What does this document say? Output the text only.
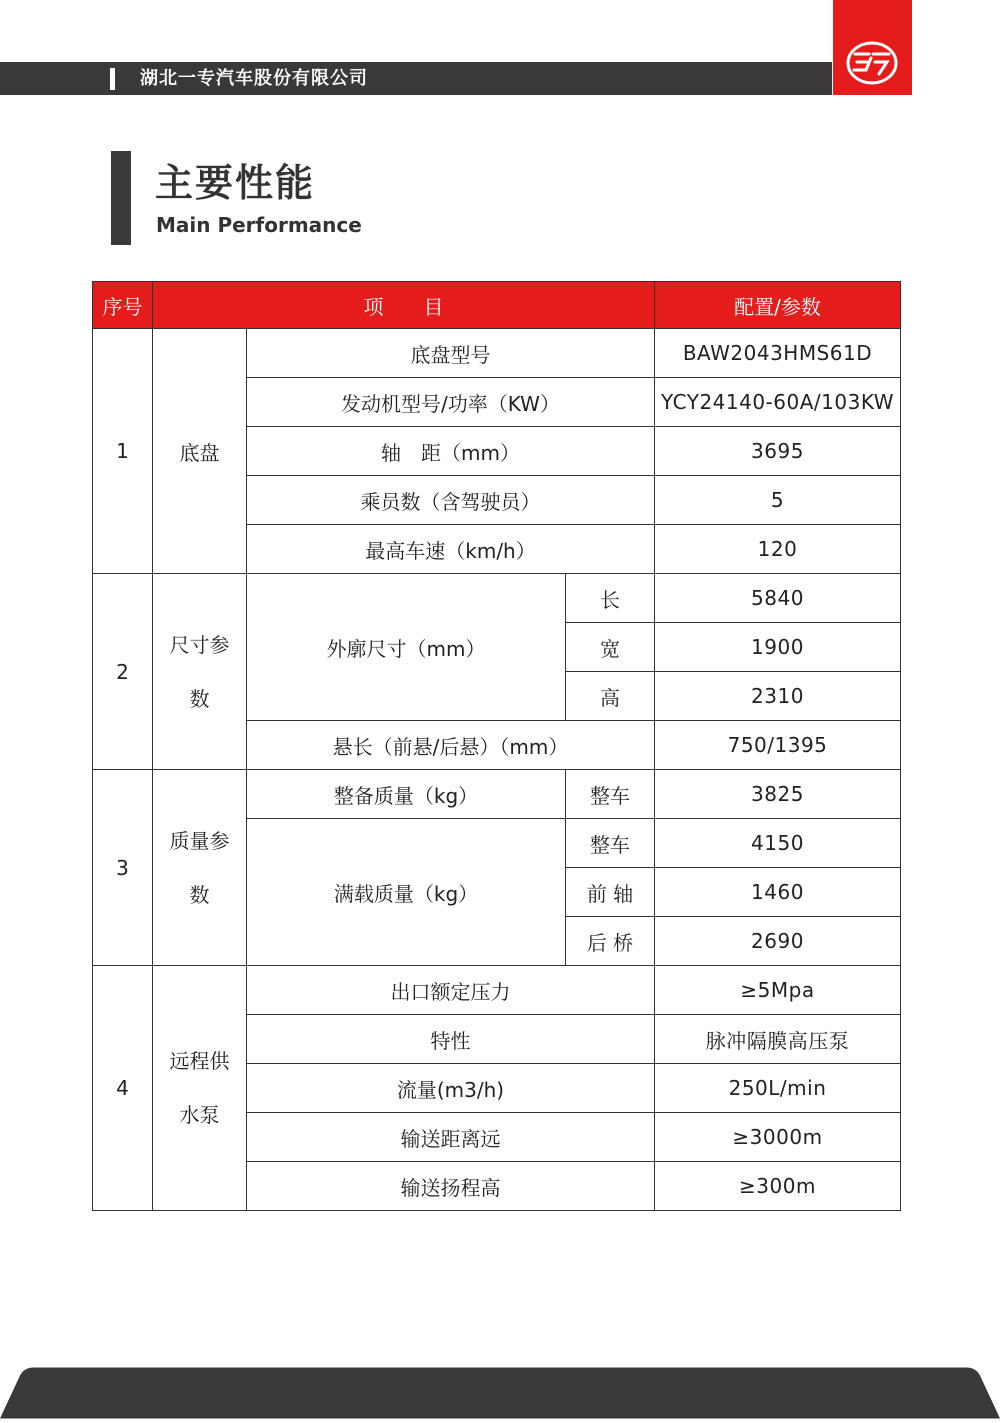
湖北一专汽车股份有限公司
主要性能
Main Performance
序号	项　　目			配置/参数
1	底盘	底盘型号		BAW2043HMS61D
		发动机型号/功率（KW）		YCY24140-60A/103KW
		轴　距（mm）		3695
		乘员数（含驾驶员）		5
		最高车速（km/h）		120
2	尺寸参数	外廓尺寸（mm）	长	5840
			宽	1900
			高	2310
		悬长（前悬/后悬）（mm）		750/1395
3	质量参数	整备质量（kg）	整车	3825
		满载质量（kg）	整车	4150
			前 轴	1460
			后 桥	2690
4	远程供水泵	出口额定压力		≥5Mpa
		特性		脉冲隔膜高压泵
		流量(m3/h)		250L/min
		输送距离远		≥3000m
		输送扬程高		≥300m
